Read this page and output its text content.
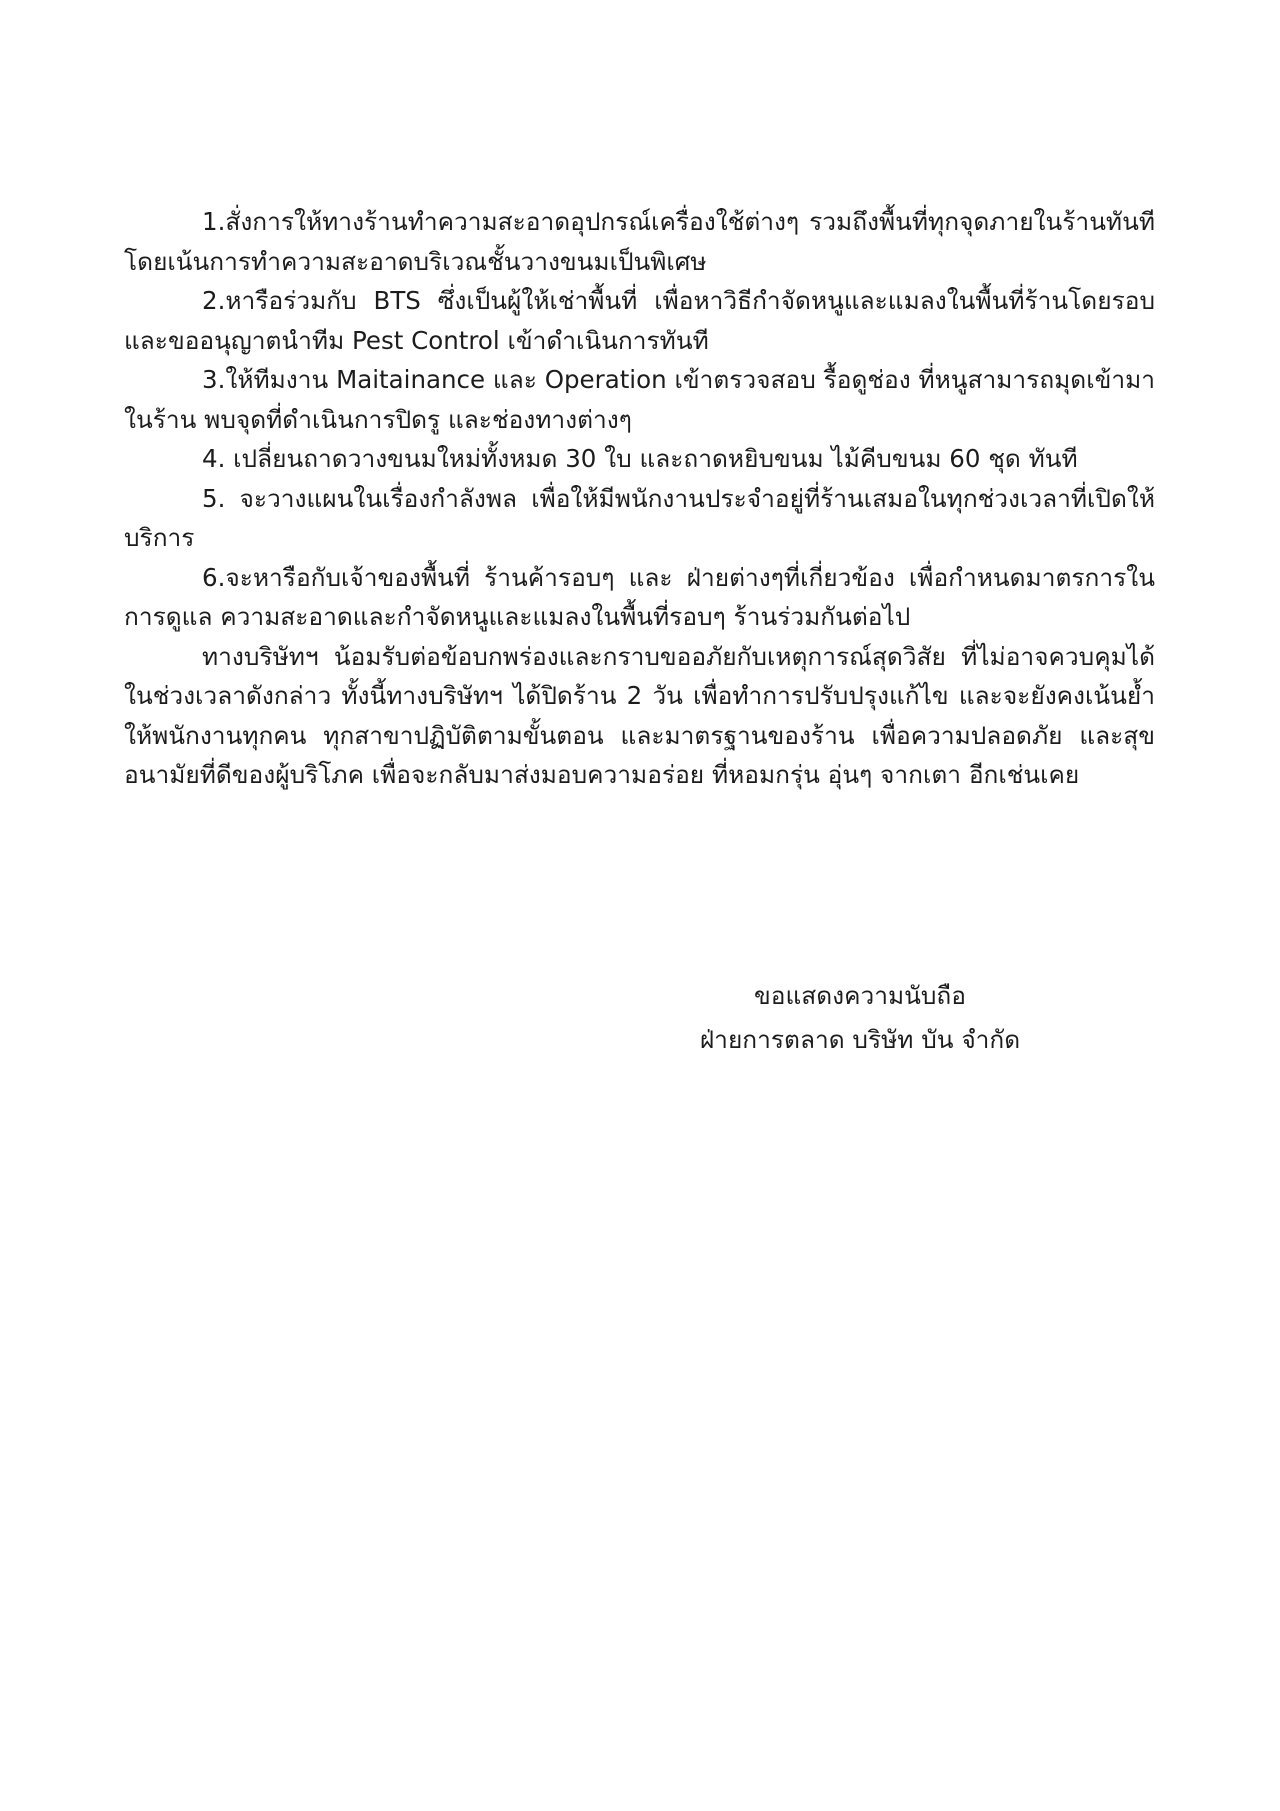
1.สั่งการให้ทางร้านทำความสะอาดอุปกรณ์เครื่องใช้ต่างๆ รวมถึงพื้นที่ทุกจุดภายในร้านทันที โดยเน้นการทำความสะอาดบริเวณชั้นวางขนมเป็นพิเศษ

2.หารือร่วมกับ BTS ซึ่งเป็นผู้ให้เช่าพื้นที่ เพื่อหาวิธีกำจัดหนูและแมลงในพื้นที่ร้านโดยรอบ และขออนุญาตนำทีม Pest Control เข้าดำเนินการทันที

3.ให้ทีมงาน Maitainance และ Operation เข้าตรวจสอบ รื้อดูช่อง ที่หนูสามารถมุดเข้ามาในร้าน พบจุดที่ดำเนินการปิดรู และช่องทางต่างๆ

4. เปลี่ยนถาดวางขนมใหม่ทั้งหมด 30 ใบ และถาดหยิบขนม ไม้คีบขนม 60 ชุด ทันที

5. จะวางแผนในเรื่องกำลังพล เพื่อให้มีพนักงานประจำอยู่ที่ร้านเสมอในทุกช่วงเวลาที่เปิดให้บริการ

6.จะหารือกับเจ้าของพื้นที่ ร้านค้ารอบๆ และ ฝ่ายต่างๆที่เกี่ยวข้อง เพื่อกำหนดมาตรการในการดูแล ความสะอาดและกำจัดหนูและแมลงในพื้นที่รอบๆ ร้านร่วมกันต่อไป

ทางบริษัทฯ น้อมรับต่อข้อบกพร่องและกราบขออภัยกับเหตุการณ์สุดวิสัย ที่ไม่อาจควบคุมได้ในช่วงเวลาดังกล่าว ทั้งนี้ทางบริษัทฯ ได้ปิดร้าน 2 วัน เพื่อทำการปรับปรุงแก้ไข และจะยังคงเน้นย้ำให้พนักงานทุกคน ทุกสาขาปฏิบัติตามขั้นตอน และมาตรฐานของร้าน เพื่อความปลอดภัย และสุขอนามัยที่ดีของผู้บริโภค เพื่อจะกลับมาส่งมอบความอร่อย ที่หอมกรุ่น อุ่นๆ จากเตา อีกเช่นเคย

ขอแสดงความนับถือ
ฝ่ายการตลาด บริษัท บัน จำกัด
